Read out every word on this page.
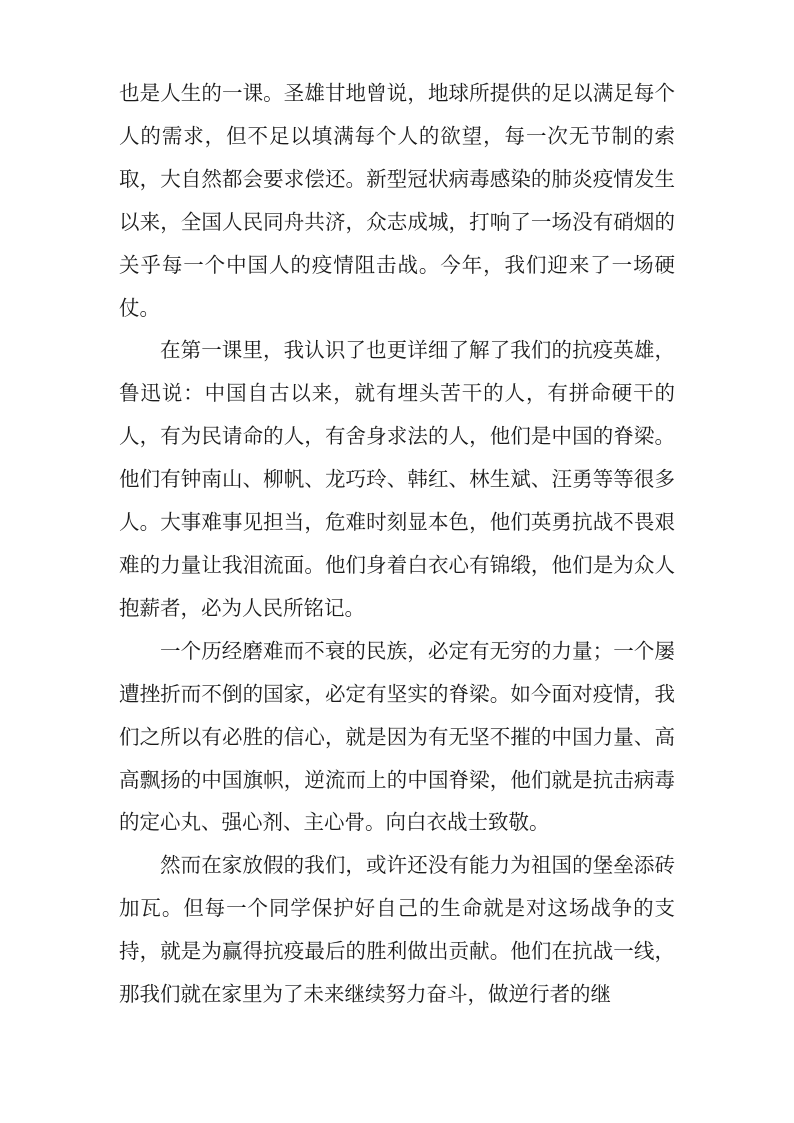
也是人生的一课。圣雄甘地曾说，地球所提供的足以满足每个人的需求，但不足以填满每个人的欲望，每一次无节制的索取，大自然都会要求偿还。新型冠状病毒感染的肺炎疫情发生以来，全国人民同舟共济，众志成城，打响了一场没有硝烟的关乎每一个中国人的疫情阻击战。今年，我们迎来了一场硬仗。

在第一课里，我认识了也更详细了解了我们的抗疫英雄，鲁迅说：中国自古以来，就有埋头苦干的人，有拼命硬干的人，有为民请命的人，有舍身求法的人，他们是中国的脊梁。他们有钟南山、柳帆、龙巧玲、韩红、林生斌、汪勇等等很多人。大事难事见担当，危难时刻显本色，他们英勇抗战不畏艰难的力量让我泪流面。他们身着白衣心有锦缎，他们是为众人抱薪者，必为人民所铭记。

一个历经磨难而不衰的民族，必定有无穷的力量；一个屡遭挫折而不倒的国家，必定有坚实的脊梁。如今面对疫情，我们之所以有必胜的信心，就是因为有无坚不摧的中国力量、高高飘扬的中国旗帜，逆流而上的中国脊梁，他们就是抗击病毒的定心丸、强心剂、主心骨。向白衣战士致敬。

然而在家放假的我们，或许还没有能力为祖国的堡垒添砖加瓦。但每一个同学保护好自己的生命就是对这场战争的支持，就是为赢得抗疫最后的胜利做出贡献。他们在抗战一线，那我们就在家里为了未来继续努力奋斗，做逆行者的继
